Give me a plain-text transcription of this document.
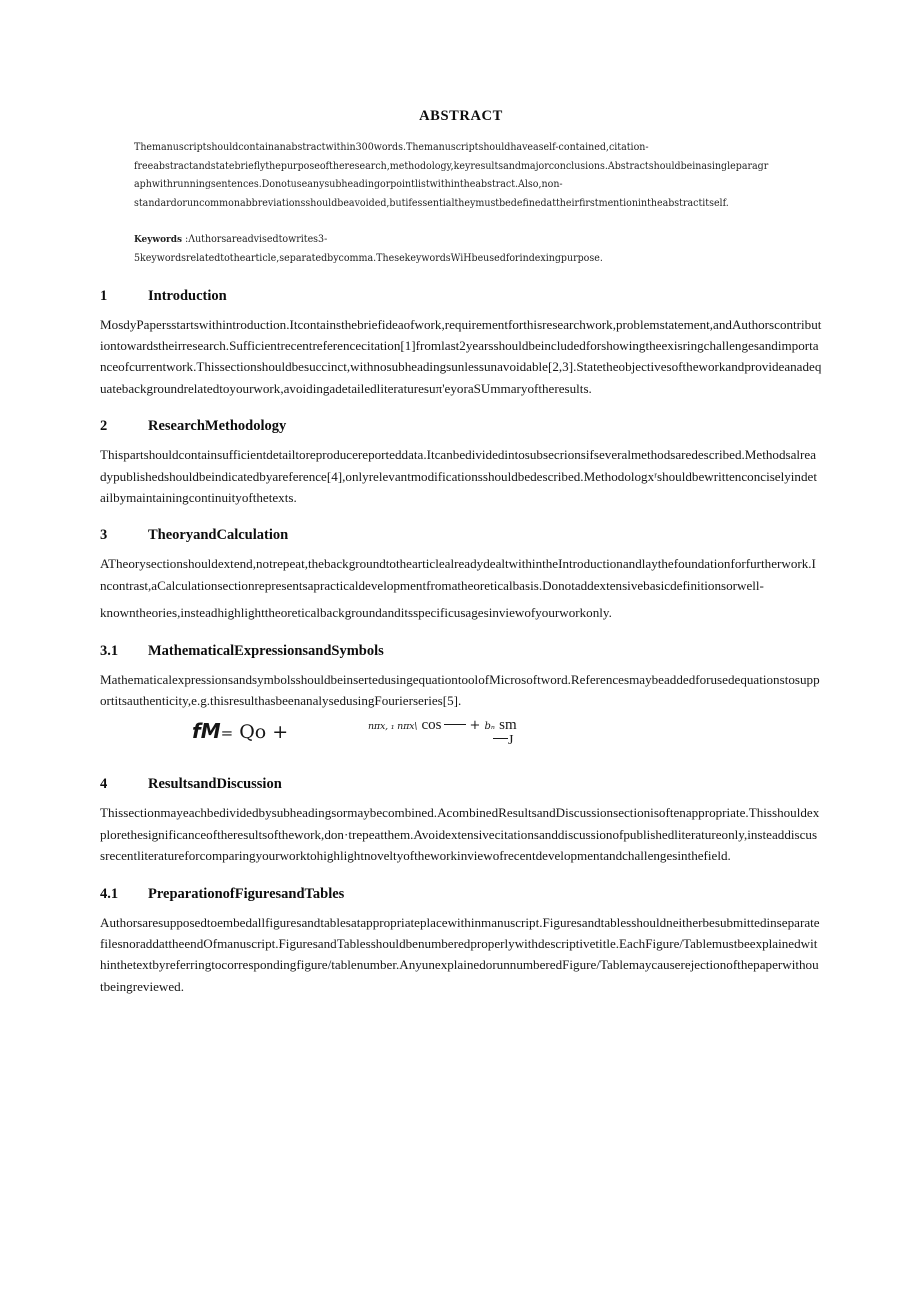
ABSTRACT

Themanuscriptshouldcontainanabstractwithin300words.Themanuscriptshouldhaveaself-contained,citation-freeabstractandstatebrieflythepurposeoftheresearch,methodology,keyresultsandmajorconclusions.Abstractshouldbeinasingleparagraphwithrunningsentences.Donotuseanysubheadingorpointlistwithintheabstract.Also,non-standardoruncommonabbreviationsshouldbeavoided,butifessentialtheymustbedefinedattheirfirstmentionintheabstractitself.

Keywords :Λuthorsareadvisedtowrites3-5keywordsrelatedtothearticle,separatedbycomma.ThesekeywordsWiHbeusedforindexingpurpose.

1	Introduction

MosdyPapersstartswithintroduction.Itcontainsthebriefideaofwork,requirementforthisresearchwork,problemstatement,andAuthorscontributiontowardstheirresearch.Sufficientrecentreferencecitation[1]fromlast2yearsshouldbeincludedforshowingtheexisringchallengesandimportanceofcurrentwork.Thissectionshouldbesuccinct,withnosubheadingsunlessunavoidable[2,3].Statetheobjectivesoftheworkandprovideanadequatebackgroundrelatedtoyourwork,avoidingadetailedliteraturesuπ'eyoraSUmmaryoftheresults.

2	ResearchMethodology

Thispartshouldcontainsufficientdetailtoreproducereporteddata.Itcanbedividedintosubsecrionsifseveralmethodsaredescribed.Methodsalreadypublishedshouldbeindicatedbyareference[4],onlyrelevantmodificationsshouldbedescribed.Methodologxʳshouldbewrittenconciselyindetailbymaintainingcontinuityofthetexts.

3	TheoryandCalculation

ATheorysectionshouldextend,notrepeat,thebackgroundtothearticlealreadydealtwithintheIntroductionandlaythefoundationforfurtherwork.Incontrast,aCalculationsectionrepresentsapracticaldevelopmentfromatheoreticalbasis.Donotaddextensivebasicdefinitionsorwell-

knowntheories,insteadhighlighttheoreticalbackgroundanditsspecificusagesinviewofyourworkonly.

3.1 MathematicalExpressionsandSymbols

MathematicalexpressionsandsymbolsshouldbeinsertedusingequationtoolofMicrosoftword.Referencesmaybeaddedforusedequationstosupportitsauthenticity,e.g.thisresulthasbeenanalysedusingFourierseries[5].

fM= Qo +	nπx, ₁ nπx\ cos + bₙ sm
J
4	ResultsandDiscussion

Thissectionmayeachbedividedbysubheadingsormaybecombined.AcombinedResultsandDiscussionsectionisoftenappropriate.Thisshouldexplorethesignificanceoftheresultsofthework,don·trepeatthem.Avoidextensivecitationsanddiscussionofpublishedliteratureonly,insteaddiscussrecentliteratureforcomparingyourworktohighlightnoveltyoftheworkinviewofrecentdevelopmentandchallengesinthefield.

4.1 PreparationofFiguresandTables

Authorsaresupposedtoembedallfiguresandtablesatappropriateplacewithinmanuscript.FiguresandtablesshouldneitherbesubmittedinseparatefilesnoraddattheendOfmanuscript.FiguresandTablesshouldbenumberedproperlywithdescriptivetitle.EachFigure/Tablemustbeexplainedwithinthetextbyreferringtocorrespondingfigure/tablenumber.AnyunexplainedorunnumberedFigure/Tablemaycauserejectionofthepaperwithoutbeingreviewed.
